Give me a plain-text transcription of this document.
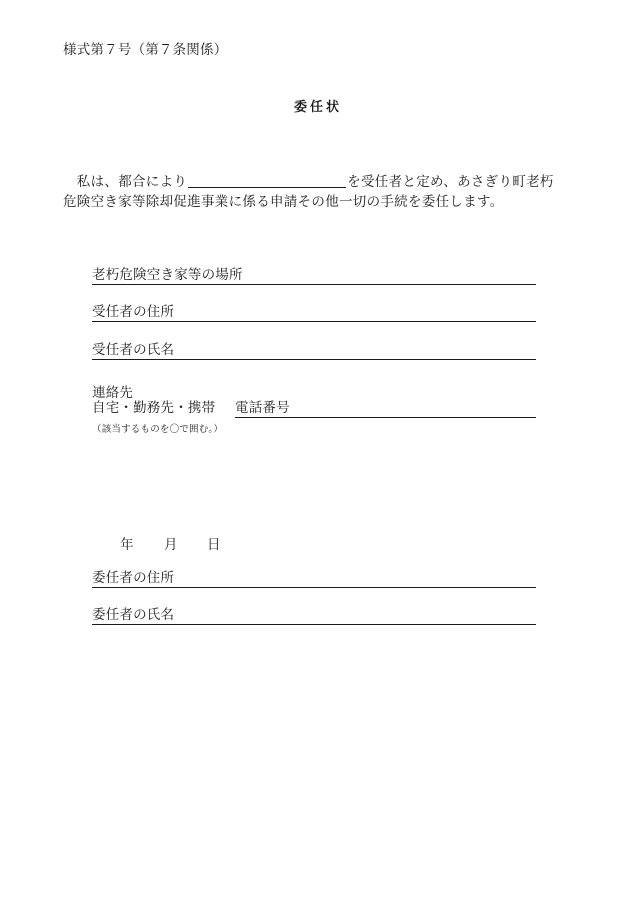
様式第７号（第７条関係）
委任状
　私は、都合により	を受任者と定め、あさぎり町老朽
危険空き家等除却促進事業に係る申請その他一切の手続を委任します。
老朽危険空き家等の場所
受任者の住所
受任者の氏名
連絡先
自宅・勤務先・携帯 電話番号
（該当するものを〇で囲む。）
年 月 日
委任者の住所
委任者の氏名
